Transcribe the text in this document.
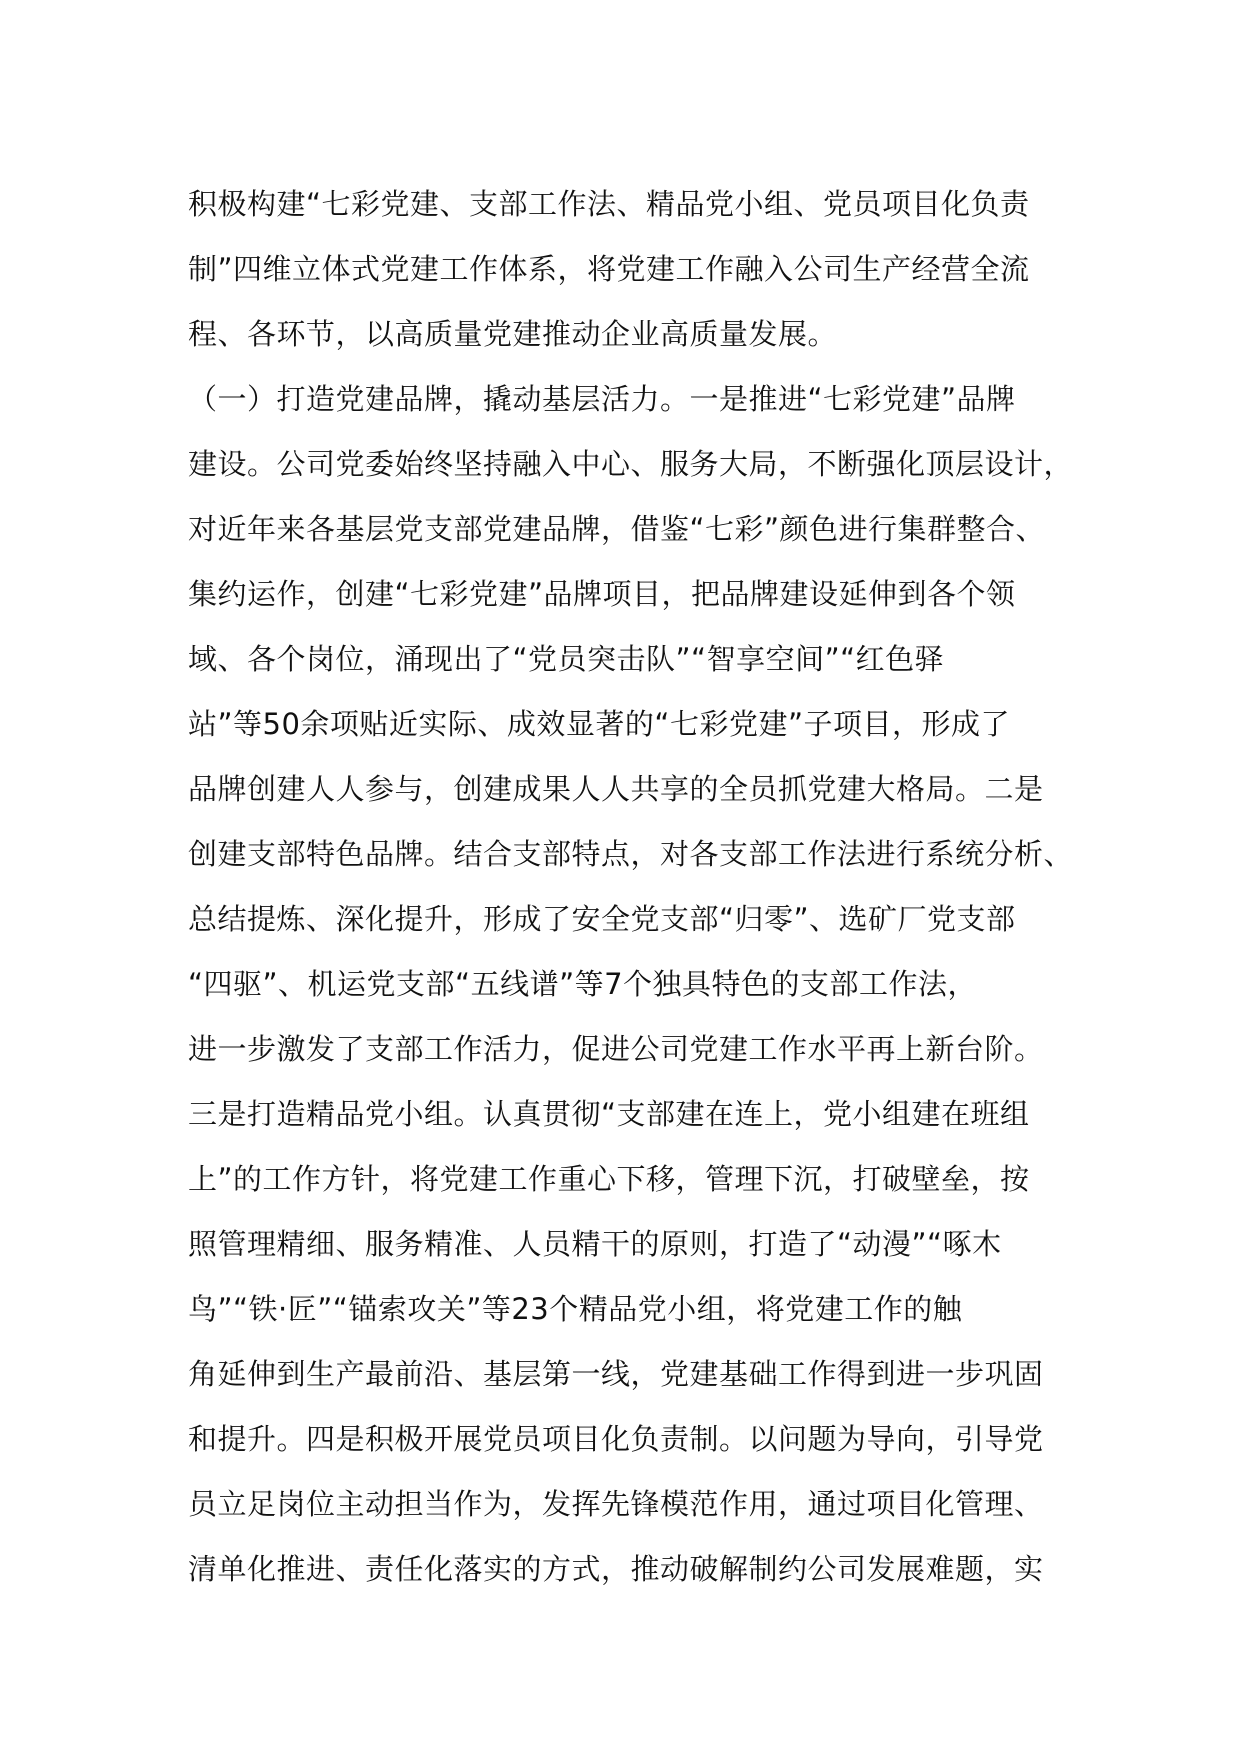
积极构建“七彩党建、支部工作法、精品党小组、党员项目化负责
制”四维立体式党建工作体系，将党建工作融入公司生产经营全流
程、各环节，以高质量党建推动企业高质量发展。
（一）打造党建品牌，撬动基层活力。一是推进“七彩党建”品牌
建设。公司党委始终坚持融入中心、服务大局，不断强化顶层设计，
对近年来各基层党支部党建品牌，借鉴“七彩”颜色进行集群整合、
集约运作，创建“七彩党建”品牌项目，把品牌建设延伸到各个领
域、各个岗位，涌现出了“党员突击队”“智享空间”“红色驿
站”等50余项贴近实际、成效显著的“七彩党建”子项目，形成了
品牌创建人人参与，创建成果人人共享的全员抓党建大格局。二是
创建支部特色品牌。结合支部特点，对各支部工作法进行系统分析、
总结提炼、深化提升，形成了安全党支部“归零”、选矿厂党支部
“四驱”、机运党支部“五线谱”等7个独具特色的支部工作法，
进一步激发了支部工作活力，促进公司党建工作水平再上新台阶。
三是打造精品党小组。认真贯彻“支部建在连上，党小组建在班组
上”的工作方针，将党建工作重心下移，管理下沉，打破壁垒，按
照管理精细、服务精准、人员精干的原则，打造了“动漫”“啄木
鸟”“铁·匠”“锚索攻关”等23个精品党小组，将党建工作的触
角延伸到生产最前沿、基层第一线，党建基础工作得到进一步巩固
和提升。四是积极开展党员项目化负责制。以问题为导向，引导党
员立足岗位主动担当作为，发挥先锋模范作用，通过项目化管理、
清单化推进、责任化落实的方式，推动破解制约公司发展难题，实
